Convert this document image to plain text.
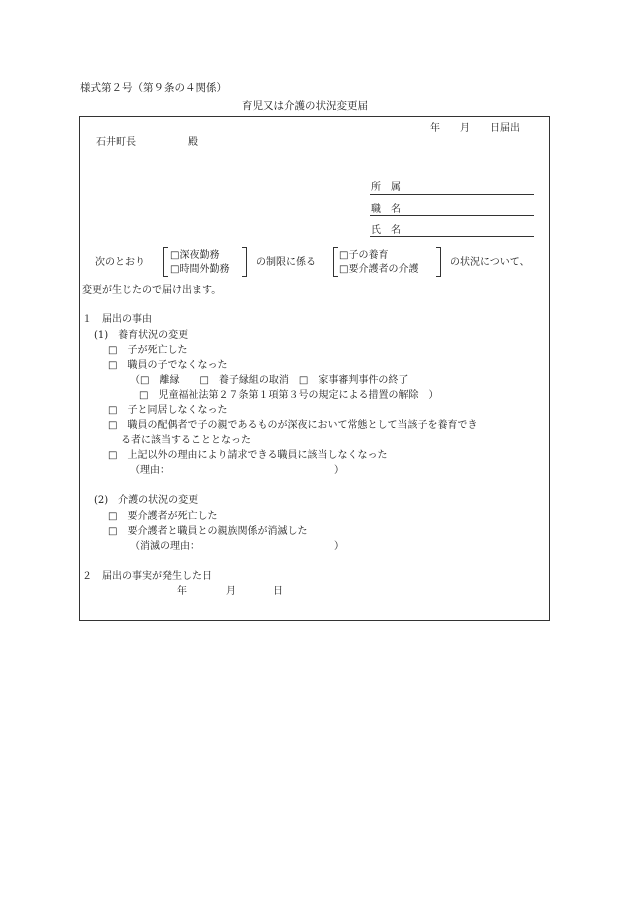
様式第２号（第９条の４関係）
育児又は介護の状況変更届
年　　月　　日届出
石井町長	殿
所　属
職　名
氏　名
次のとおり
□深夜勤務
□時間外勤務
の制限に係る
□子の養育
□要介護者の介護
の状況について、
変更が生じたので届け出ます。
１　届出の事由
(1)　養育状況の変更
□　子が死亡した
□　職員の子でなくなった
（□　離縁　　□　養子縁組の取消　□　家事審判事件の終了
□　児童福祉法第２７条第１項第３号の規定による措置の解除　）
□　子と同居しなくなった
□　職員の配偶者で子の親であるものが深夜において常態として当該子を養育でき
る者に該当することとなった
□　上記以外の理由により請求できる職員に該当しなくなった
（理由：	）
(2)　介護の状況の変更
□　要介護者が死亡した
□　要介護者と職員との親族関係が消滅した
（消滅の理由：	）
２　届出の事実が発生した日
年	月	日
